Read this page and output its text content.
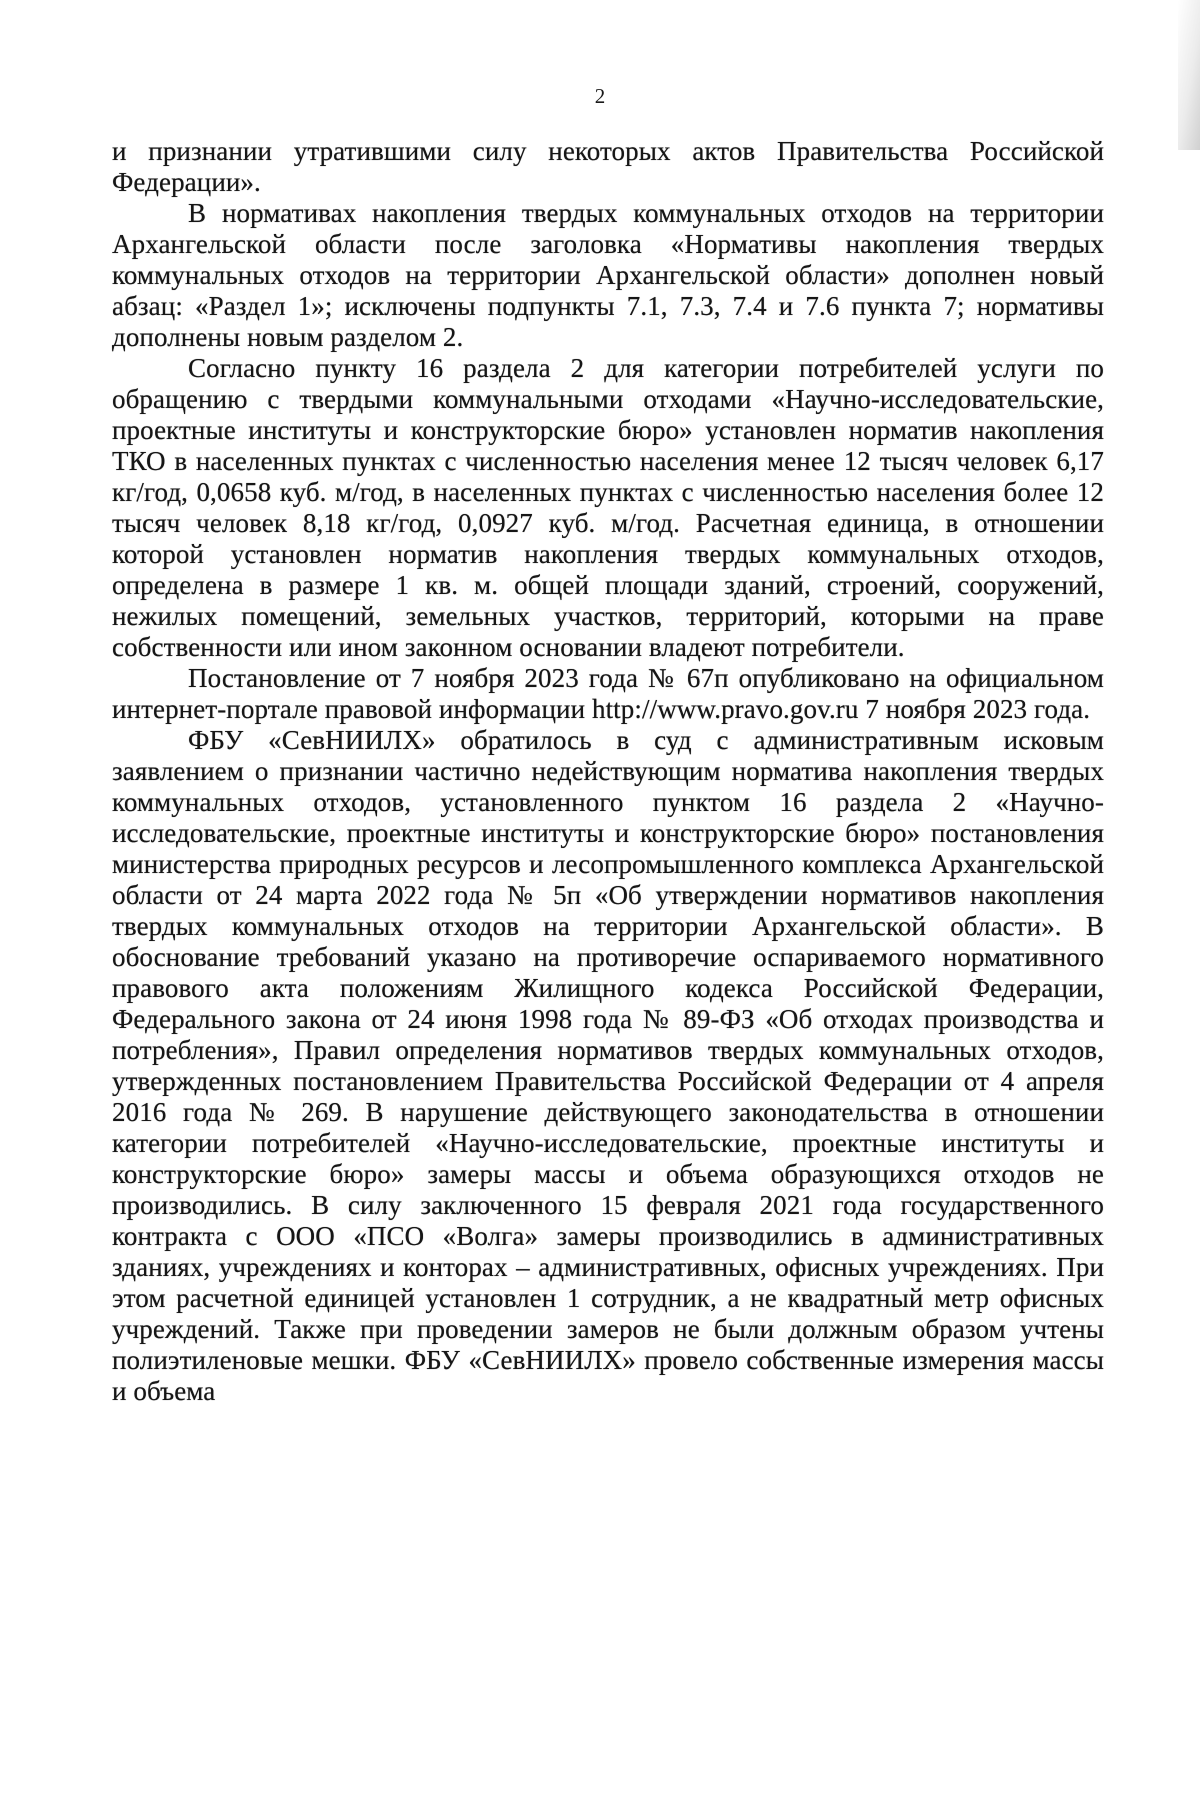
2

и признании утратившими силу некоторых актов Правительства Российской Федерации».

В нормативах накопления твердых коммунальных отходов на территории Архангельской области после заголовка «Нормативы накопления твердых коммунальных отходов на территории Архангельской области» дополнен новый абзац: «Раздел 1»; исключены подпункты 7.1, 7.3, 7.4 и 7.6 пункта 7; нормативы дополнены новым разделом 2.

Согласно пункту 16 раздела 2 для категории потребителей услуги по обращению с твердыми коммунальными отходами «Научно-исследовательские, проектные институты и конструкторские бюро» установлен норматив накопления ТКО в населенных пунктах с численностью населения менее 12 тысяч человек 6,17 кг/год, 0,0658 куб. м/год, в населенных пунктах с численностью населения более 12 тысяч человек 8,18 кг/год, 0,0927 куб. м/год. Расчетная единица, в отношении которой установлен норматив накопления твердых коммунальных отходов, определена в размере 1 кв. м. общей площади зданий, строений, сооружений, нежилых помещений, земельных участков, территорий, которыми на праве собственности или ином законном основании владеют потребители.

Постановление от 7 ноября 2023 года № 67п опубликовано на официальном интернет-портале правовой информации http://www.pravo.gov.ru 7 ноября 2023 года.

ФБУ «СевНИИЛХ» обратилось в суд с административным исковым заявлением о признании частично недействующим норматива накопления твердых коммунальных отходов, установленного пунктом 16 раздела 2 «Научно-исследовательские, проектные институты и конструкторские бюро» постановления министерства природных ресурсов и лесопромышленного комплекса Архангельской области от 24 марта 2022 года № 5п «Об утверждении нормативов накопления твердых коммунальных отходов на территории Архангельской области». В обоснование требований указано на противоречие оспариваемого нормативного правового акта положениям Жилищного кодекса Российской Федерации, Федерального закона от 24 июня 1998 года № 89-ФЗ «Об отходах производства и потребления», Правил определения нормативов твердых коммунальных отходов, утвержденных постановлением Правительства Российской Федерации от 4 апреля 2016 года № 269. В нарушение действующего законодательства в отношении категории потребителей «Научно-исследовательские, проектные институты и конструкторские бюро» замеры массы и объема образующихся отходов не производились. В силу заключенного 15 февраля 2021 года государственного контракта с ООО «ПСО «Волга» замеры производились в административных зданиях, учреждениях и конторах – административных, офисных учреждениях. При этом расчетной единицей установлен 1 сотрудник, а не квадратный метр офисных учреждений. Также при проведении замеров не были должным образом учтены полиэтиленовые мешки. ФБУ «СевНИИЛХ» провело собственные измерения массы и объема
